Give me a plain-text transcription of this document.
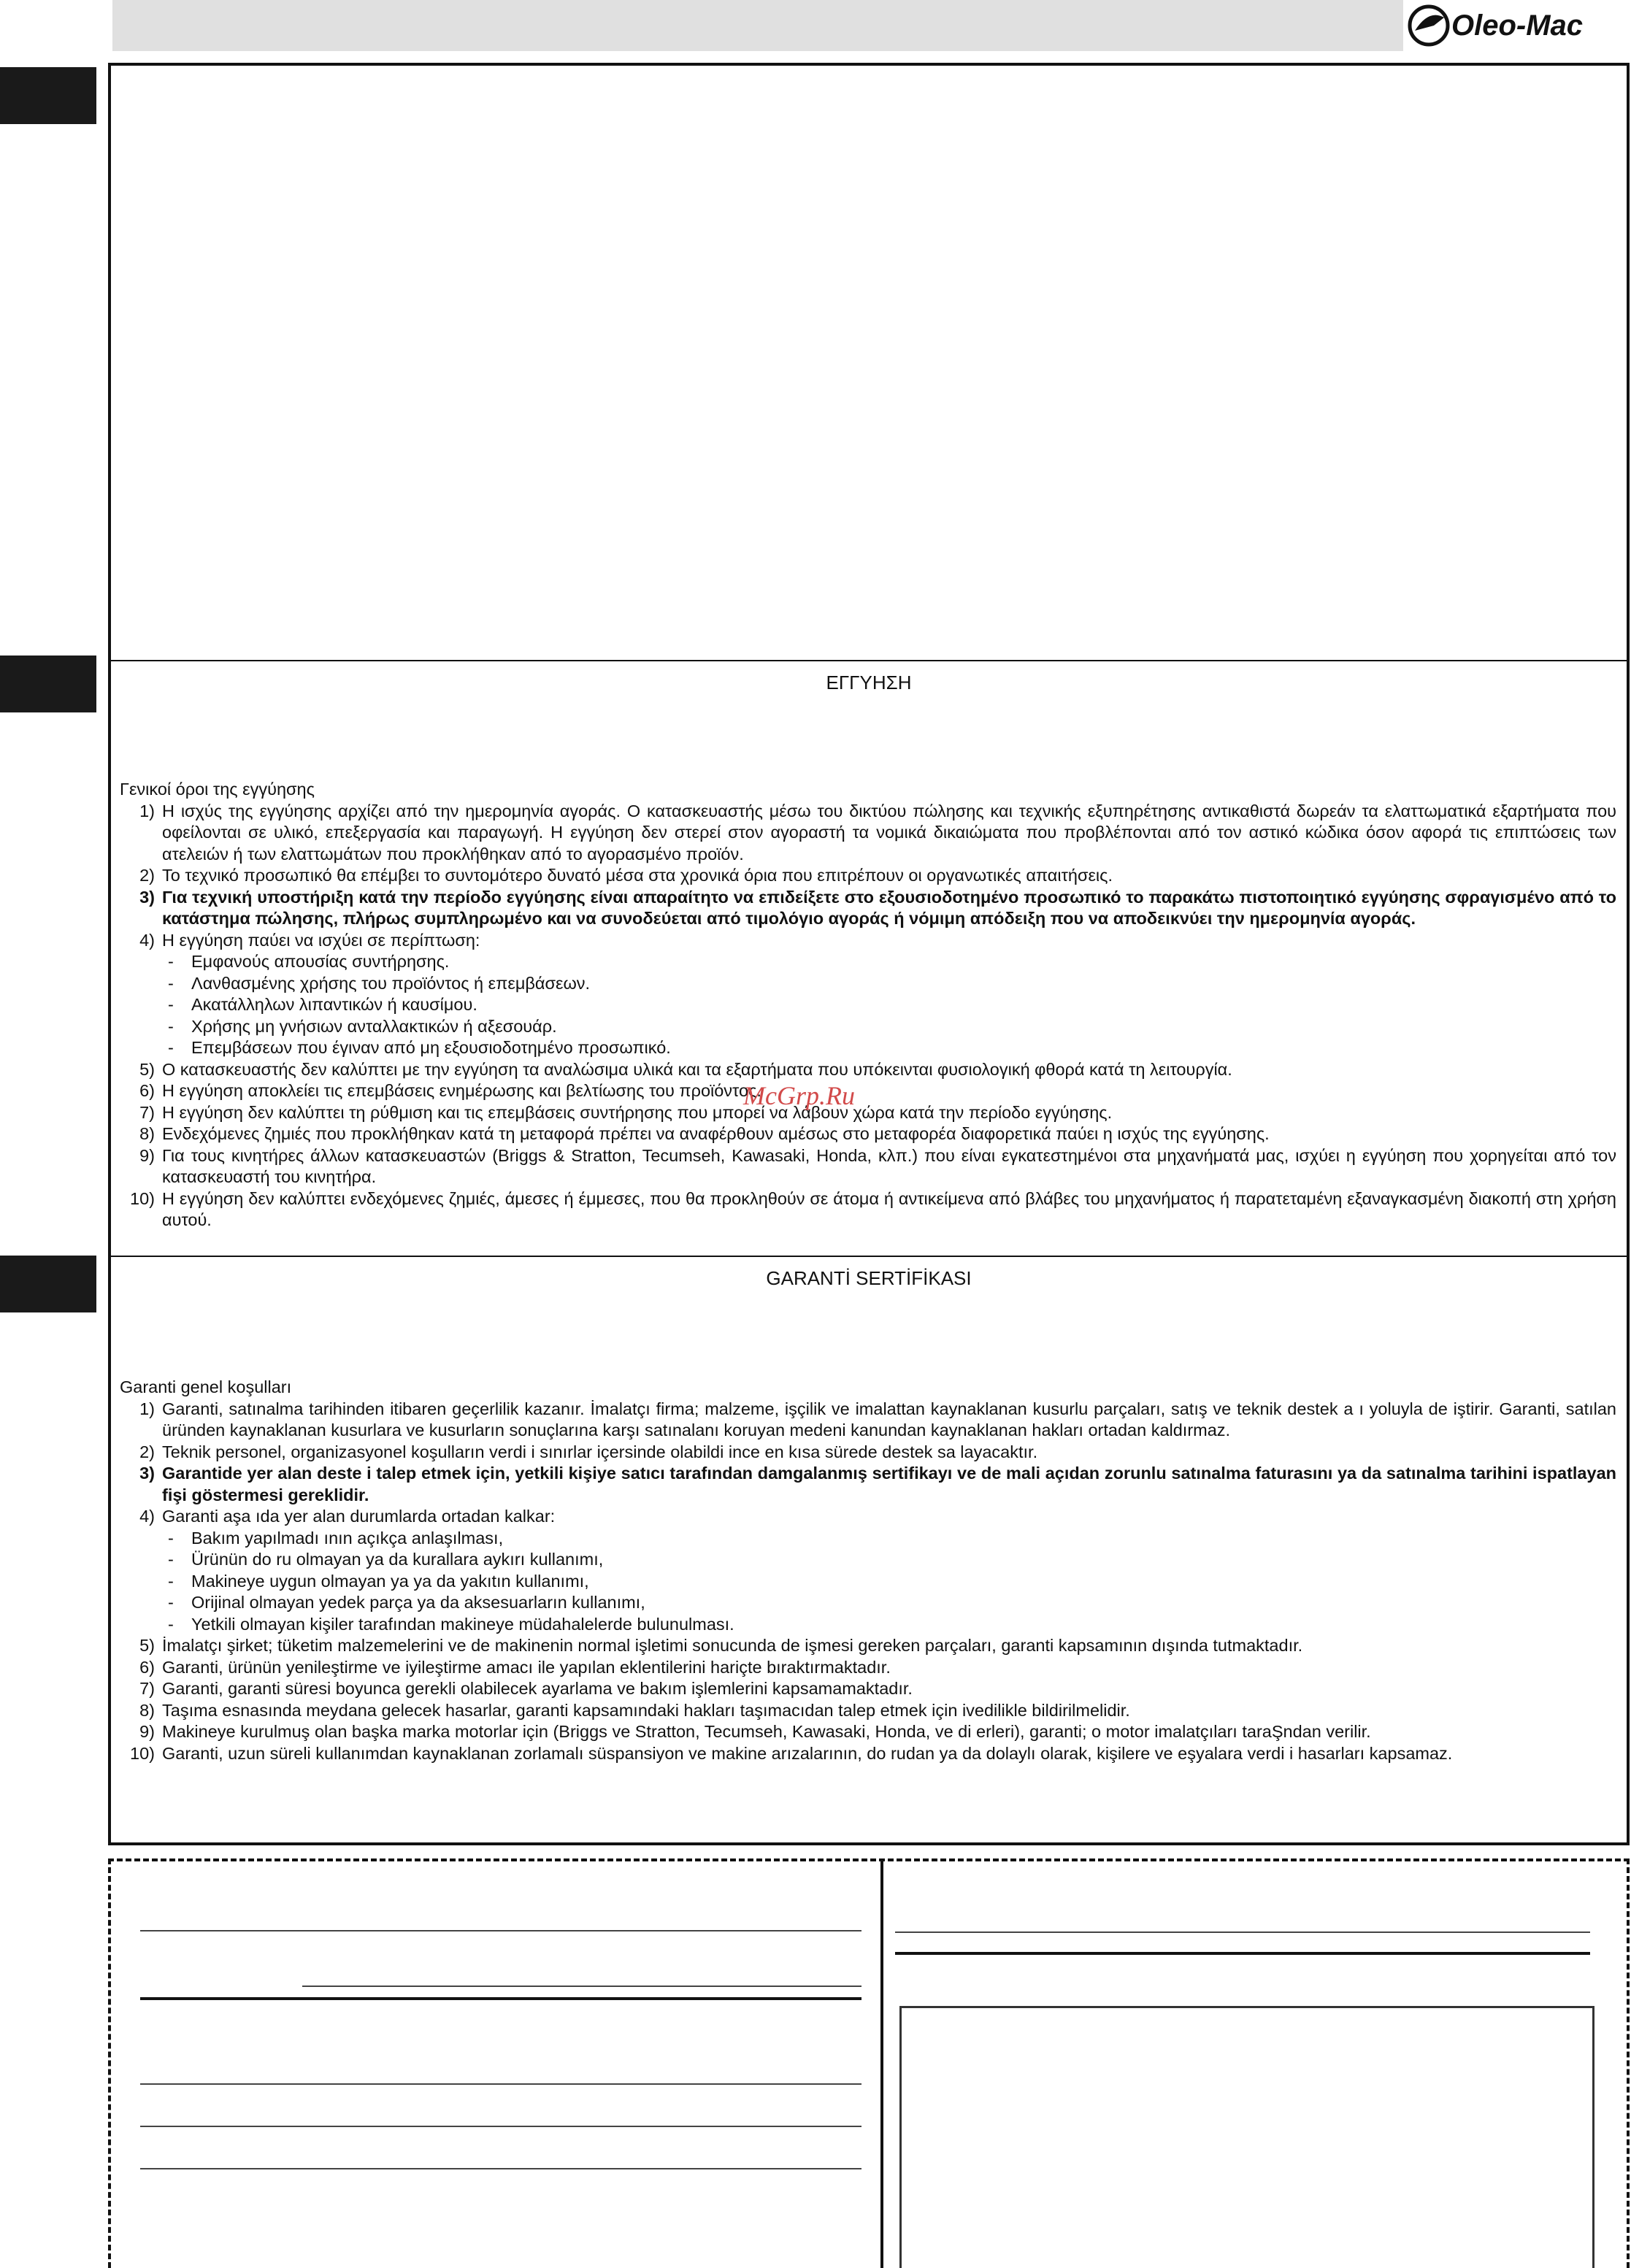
Oleo-Mac
ΕΓΓΥΗΣΗ
Γενικοί όροι της εγγύησης
1) Η ισχύς της εγγύησης αρχίζει από την ημερομηνία αγοράς. Ο κατασκευαστής μέσω του δικτύου πώλησης και τεχνικής εξυπηρέτησης αντικαθιστά δωρεάν τα ελαττωματικά εξαρτήματα που οφείλονται σε υλικό, επεξεργασία και παραγωγή. Η εγγύηση δεν στερεί στον αγοραστή τα νομικά δικαιώματα που προβλέπονται από τον αστικό κώδικα όσον αφορά τις επιπτώσεις των ατελειών ή των ελαττωμάτων που προκλήθηκαν από το αγορασμένο προϊόν.
2) Το τεχνικό προσωπικό θα επέμβει το συντομότερο δυνατό μέσα στα χρονικά όρια που επιτρέπουν οι οργανωτικές απαιτήσεις.
3) Για τεχνική υποστήριξη κατά την περίοδο εγγύησης είναι απαραίτητο να επιδείξετε στο εξουσιοδοτημένο προσωπικό το παρακάτω πιστοποιητικό εγγύησης σφραγισμένο από το κατάστημα πώλησης, πλήρως συμπληρωμένο και να συνοδεύεται από τιμολόγιο αγοράς ή νόμιμη απόδειξη που να αποδεικνύει την ημερομηνία αγοράς.
4) Η εγγύηση παύει να ισχύει σε περίπτωση:
-	Εμφανούς απουσίας συντήρησης.
-	Λανθασμένης χρήσης του προϊόντος ή επεμβάσεων.
-	Ακατάλληλων λιπαντικών ή καυσίμου.
-	Χρήσης μη γνήσιων ανταλλακτικών ή αξεσουάρ.
-	Επεμβάσεων που έγιναν από μη εξουσιοδοτημένο προσωπικό.
5) Ο κατασκευαστής δεν καλύπτει με την εγγύηση τα αναλώσιμα υλικά και τα εξαρτήματα που υπόκεινται φυσιολογική φθορά κατά τη λειτουργία.
6) Η εγγύηση αποκλείει τις επεμβάσεις ενημέρωσης και βελτίωσης του προϊόντος.
7) Η εγγύηση δεν καλύπτει τη ρύθμιση και τις επεμβάσεις συντήρησης που μπορεί να λάβουν χώρα κατά την περίοδο εγγύησης.
8) Ενδεχόμενες ζημιές που προκλήθηκαν κατά τη μεταφορά πρέπει να αναφέρθουν αμέσως στο μεταφορέα διαφορετικά παύει η ισχύς της εγγύησης.
9) Για τους κινητήρες άλλων κατασκευαστών (Briggs & Stratton, Tecumseh, Kawasaki, Honda, κλπ.) που είναι εγκατεστημένοι στα μηχανήματά μας, ισχύει η εγγύηση που χορηγείται από τον κατασκευαστή του κινητήρα.
10) Η εγγύηση δεν καλύπτει ενδεχόμενες ζημιές, άμεσες ή έμμεσες, που θα προκληθούν σε άτομα ή αντικείμενα από βλάβες του μηχανήματος ή παρατεταμένη εξαναγκασμένη διακοπή στη χρήση αυτού.
McGrp.Ru
GARANTİ SERTİFİKASI
Garanti genel koşulları
1) Garanti, satınalma tarihinden itibaren geçerlilik kazanır. İmalatçı firma; malzeme, işçilik ve imalattan kaynaklanan kusurlu parçaları, satış ve teknik destek a ı yoluyla de iştirir. Garanti, satılan üründen kaynaklanan kusurlara ve kusurların sonuçlarına karşı satınalanı koruyan medeni kanundan kaynaklanan hakları ortadan kaldırmaz.
2) Teknik personel, organizasyonel koşulların verdi i sınırlar içersinde olabildi ince en kısa sürede destek sa layacaktır.
3) Garantide yer alan deste i talep etmek için, yetkili kişiye satıcı tarafından damgalanmış sertifikayı ve de mali açıdan zorunlu satınalma faturasını ya da satınalma tarihini ispatlayan fişi göstermesi gereklidir.
4) Garanti aşa ıda yer alan durumlarda ortadan kalkar:
-	Bakım yapılmadı ının açıkça anlaşılması,
-	Ürünün do ru olmayan ya da kurallara aykırı kullanımı,
-	Makineye uygun olmayan ya ya da yakıtın kullanımı,
-	Orijinal olmayan yedek parça ya da aksesuarların kullanımı,
-	Yetkili olmayan kişiler tarafından makineye müdahalelerde bulunulması.
5) İmalatçı şirket; tüketim malzemelerini ve de makinenin normal işletimi sonucunda de işmesi gereken parçaları, garanti kapsamının dışında tutmaktadır.
6) Garanti, ürünün yenileştirme ve iyileştirme amacı ile yapılan eklentilerini hariçte bıraktırmaktadır.
7) Garanti, garanti süresi boyunca gerekli olabilecek ayarlama ve bakım işlemlerini kapsamamaktadır.
8) Taşıma esnasında meydana gelecek hasarlar, garanti kapsamındaki hakları taşımacıdan talep etmek için ivedilikle bildirilmelidir.
9) Makineye kurulmuş olan başka marka motorlar için (Briggs ve Stratton, Tecumseh, Kawasaki, Honda, ve di erleri), garanti; o motor imalatçıları taraŞndan verilir.
10) Garanti, uzun süreli kullanımdan kaynaklanan zorlamalı süspansiyon ve makine arızalarının, do rudan ya da dolaylı olarak, kişilere ve eşyalara verdi i hasarları kapsamaz.
